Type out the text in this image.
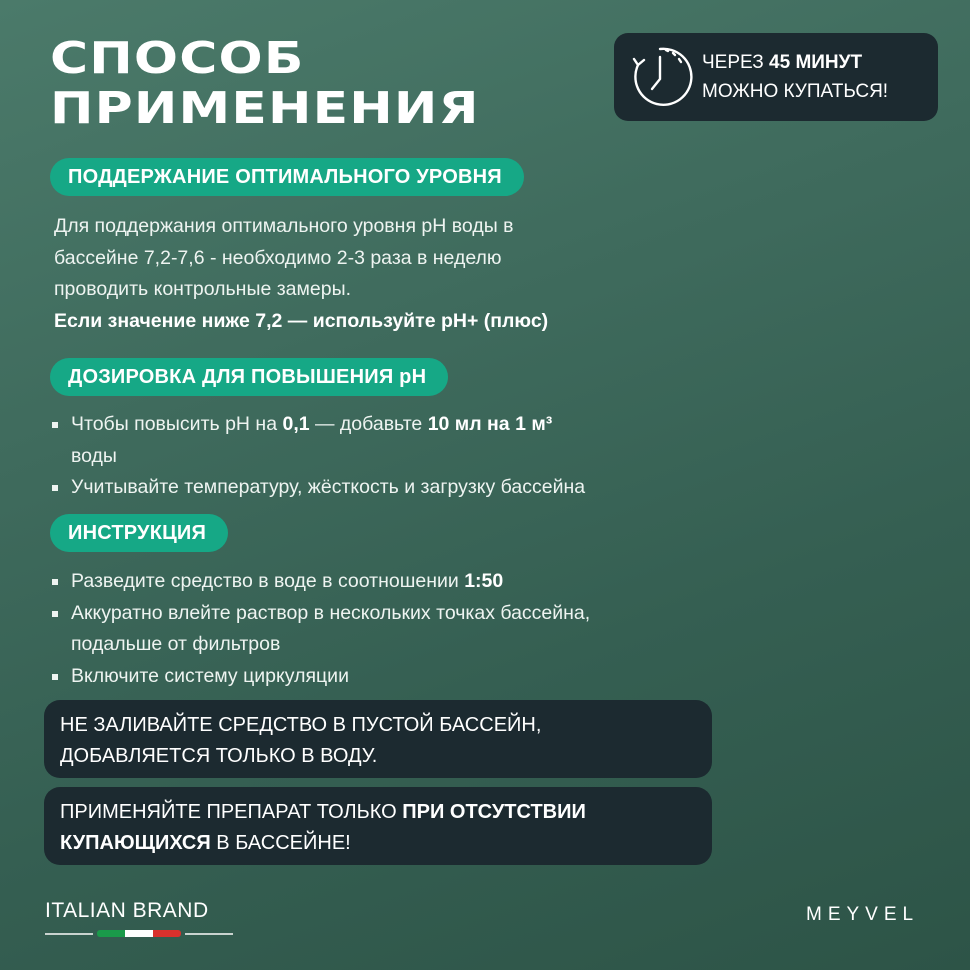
СПОСОБ
ПРИМЕНЕНИЯ
ЧЕРЕЗ 45 МИНУТ
МОЖНО КУПАТЬСЯ!
ПОДДЕРЖАНИЕ ОПТИМАЛЬНОГО УРОВНЯ
Для поддержания оптимального уровня pH воды в
бассейне 7,2-7,6 - необходимо 2-3 раза в неделю
проводить контрольные замеры.
Если значение ниже 7,2 — используйте pH+ (плюс)
ДОЗИРОВКА ДЛЯ ПОВЫШЕНИЯ pH
Чтобы повысить pH на 0,1 — добавьте 10 мл на 1 м³
воды
Учитывайте температуру, жёсткость и загрузку бассейна
ИНСТРУКЦИЯ
Разведите средство в воде в соотношении 1:50
Аккуратно влейте раствор в нескольких точках бассейна,
подальше от фильтров
Включите систему циркуляции
НЕ ЗАЛИВАЙТЕ СРЕДСТВО В ПУСТОЙ БАССЕЙН,
ДОБАВЛЯЕТСЯ ТОЛЬКО В ВОДУ.
ПРИМЕНЯЙТЕ ПРЕПАРАТ ТОЛЬКО ПРИ ОТСУТСТВИИ
КУПАЮЩИХСЯ В БАССЕЙНЕ!
ITALIAN BRAND	MEYVEL
